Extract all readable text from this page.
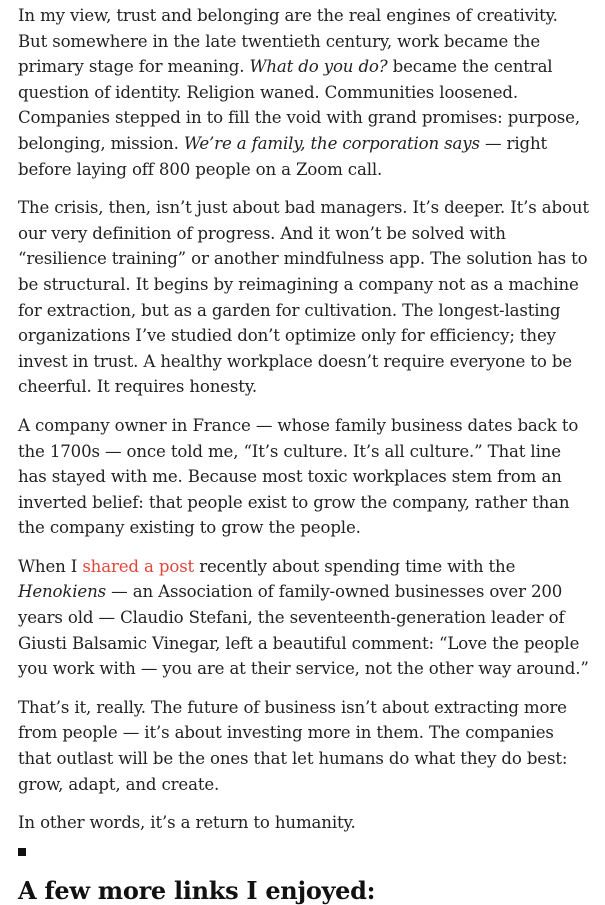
In my view, trust and belonging are the real engines of creativity. But somewhere in the late twentieth century, work became the primary stage for meaning. What do you do? became the central question of identity. Religion waned. Communities loosened. Companies stepped in to fill the void with grand promises: purpose, belonging, mission. We’re a family, the corporation says — right before laying off 800 people on a Zoom call.

The crisis, then, isn’t just about bad managers. It’s deeper. It’s about our very definition of progress. And it won’t be solved with “resilience training” or another mindfulness app. The solution has to be structural. It begins by reimagining a company not as a machine for extraction, but as a garden for cultivation. The longest-lasting organizations I’ve studied don’t optimize only for efficiency; they invest in trust. A healthy workplace doesn’t require everyone to be cheerful. It requires honesty.

A company owner in France — whose family business dates back to the 1700s — once told me, “It’s culture. It’s all culture.” That line has stayed with me. Because most toxic workplaces stem from an inverted belief: that people exist to grow the company, rather than the company existing to grow the people.

When I shared a post recently about spending time with the Henokiens — an Association of family-owned businesses over 200 years old — Claudio Stefani, the seventeenth-generation leader of Giusti Balsamic Vinegar, left a beautiful comment: “Love the people you work with — you are at their service, not the other way around.”

That’s it, really. The future of business isn’t about extracting more from people — it’s about investing more in them. The companies that outlast will be the ones that let humans do what they do best: grow, adapt, and create.

In other words, it’s a return to humanity.

A few more links I enjoyed:
